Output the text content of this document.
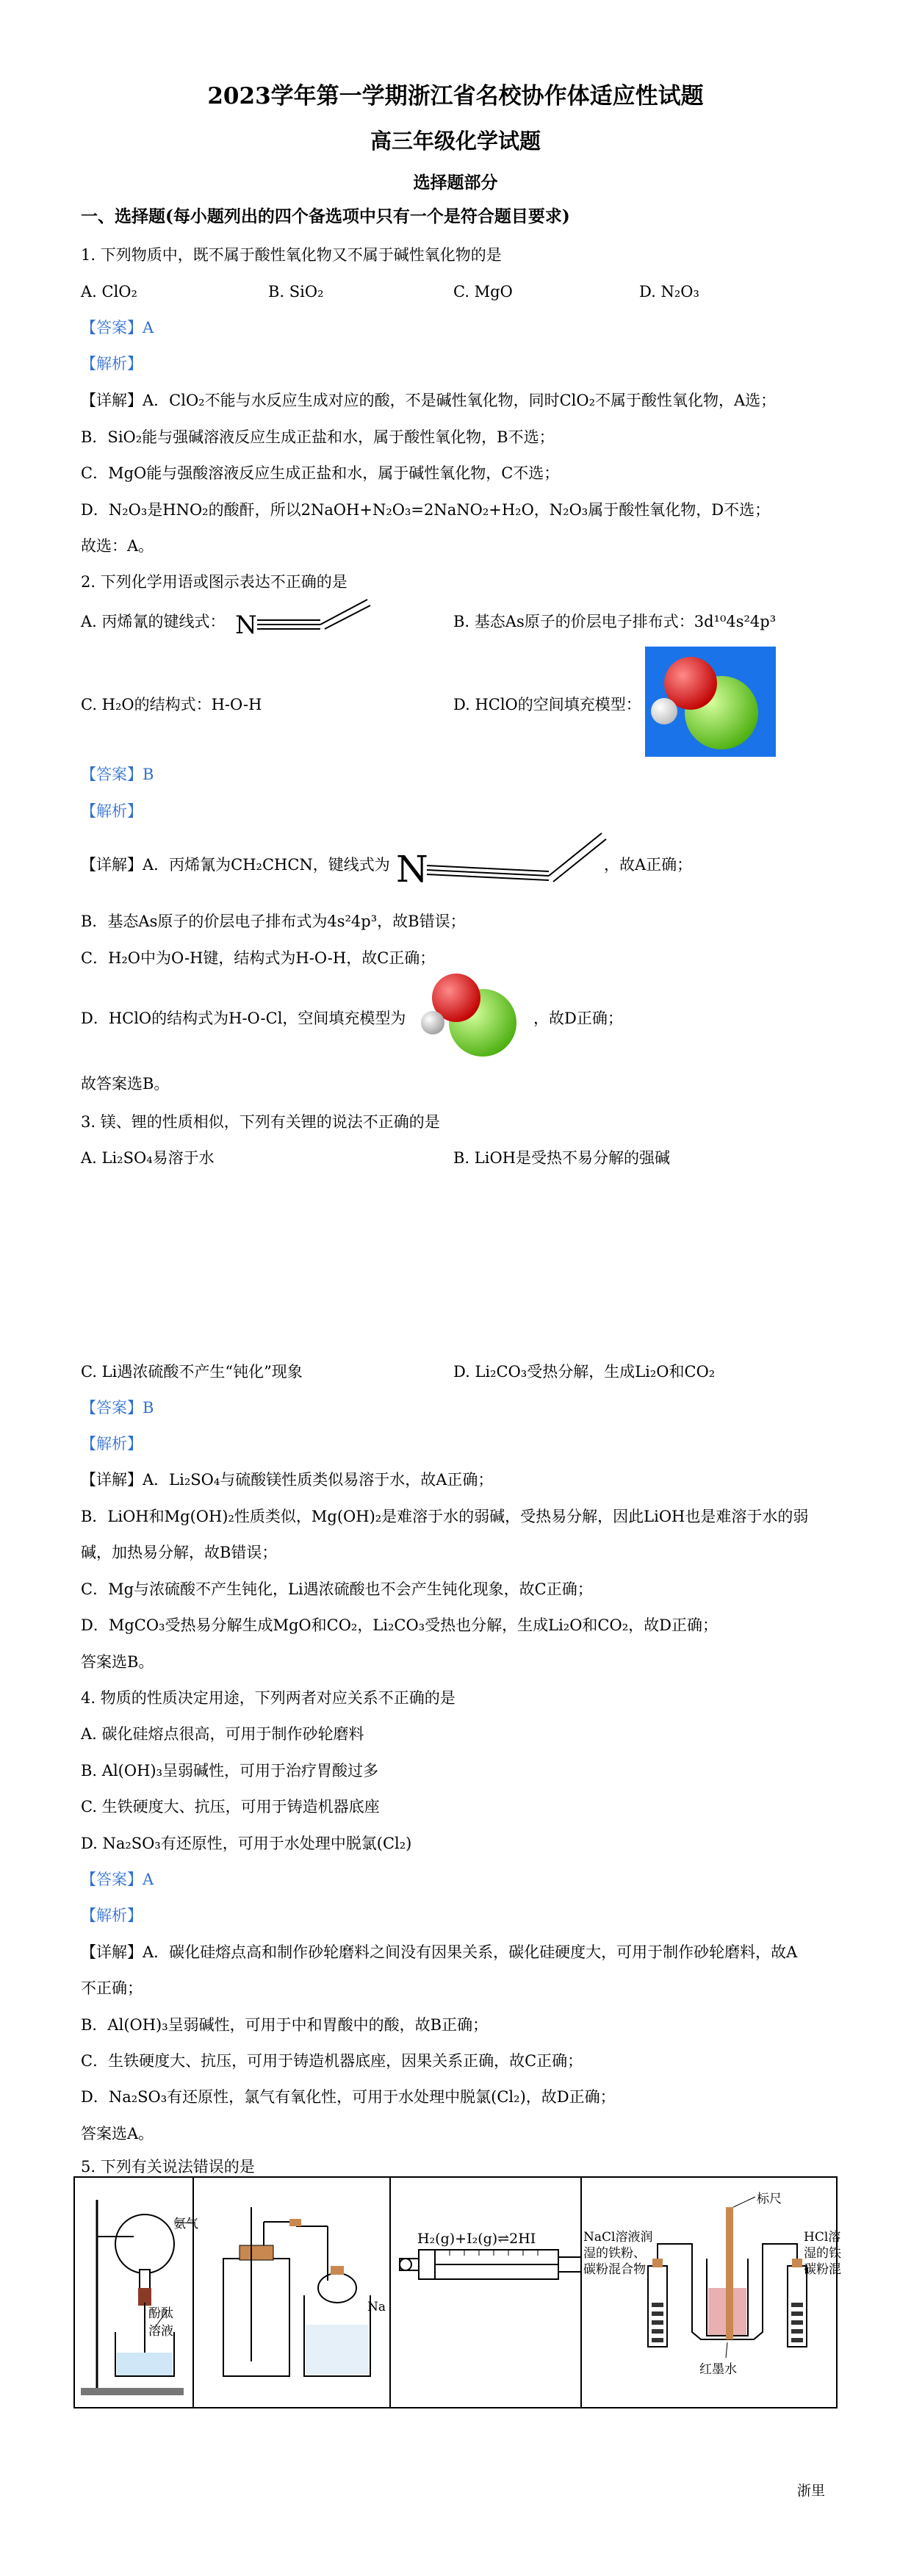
2023学年第一学期浙江省名校协作体适应性试题
高三年级化学试题
选择题部分
一、选择题(每小题列出的四个备选项中只有一个是符合题目要求)
1. 下列物质中，既不属于酸性氧化物又不属于碱性氧化物的是
A. ClO₂	B. SiO₂	C. MgO	D. N₂O₃
【答案】A
【解析】
【详解】A．ClO₂不能与水反应生成对应的酸，不是碱性氧化物，同时ClO₂不属于酸性氧化物，A选；
B．SiO₂能与强碱溶液反应生成正盐和水，属于酸性氧化物，B不选；
C．MgO能与强酸溶液反应生成正盐和水，属于碱性氧化物，C不选；
D．N₂O₃是HNO₂的酸酐，所以2NaOH+N₂O₃=2NaNO₂+H₂O，N₂O₃属于酸性氧化物，D不选；
故选：A。
2. 下列化学用语或图示表达不正确的是
A. 丙烯氰的键线式： N	B. 基态As原子的价层电子排布式：3d¹⁰4s²4p³
C. H₂O的结构式：H-O-H	D. HClO的空间填充模型：
【答案】B
【解析】
【详解】A．丙烯氰为CH₂CHCN，键线式为 N	，故A正确；
B．基态As原子的价层电子排布式为4s²4p³，故B错误；
C．H₂O中为O-H键，结构式为H-O-H，故C正确；
D．HClO的结构式为H-O-Cl，空间填充模型为	，故D正确；
故答案选B。
3. 镁、锂的性质相似，下列有关锂的说法不正确的是
A. Li₂SO₄易溶于水	B. LiOH是受热不易分解的强碱
C. Li遇浓硫酸不产生“钝化”现象	D. Li₂CO₃受热分解，生成Li₂O和CO₂
【答案】B
【解析】
【详解】A．Li₂SO₄与硫酸镁性质类似易溶于水，故A正确；
B．LiOH和Mg(OH)₂性质类似，Mg(OH)₂是难溶于水的弱碱，受热易分解，因此LiOH也是难溶于水的弱
碱，加热易分解，故B错误；
C．Mg与浓硫酸不产生钝化，Li遇浓硫酸也不会产生钝化现象，故C正确；
D．MgCO₃受热易分解生成MgO和CO₂，Li₂CO₃受热也分解，生成Li₂O和CO₂，故D正确；
答案选B。
4. 物质的性质决定用途，下列两者对应关系不正确的是
A. 碳化硅熔点很高，可用于制作砂轮磨料
B. Al(OH)₃呈弱碱性，可用于治疗胃酸过多
C. 生铁硬度大、抗压，可用于铸造机器底座
D. Na₂SO₃有还原性，可用于水处理中脱氯(Cl₂)
【答案】A
【解析】
【详解】A．碳化硅熔点高和制作砂轮磨料之间没有因果关系，碳化硅硬度大，可用于制作砂轮磨料，故A
不正确；
B．Al(OH)₃呈弱碱性，可用于中和胃酸中的酸，故B正确；
C．生铁硬度大、抗压，可用于铸造机器底座，因果关系正确，故C正确；
D．Na₂SO₃有还原性，氯气有氧化性，可用于水处理中脱氯(Cl₂)，故D正确；
答案选A。
5. 下列有关说法错误的是
氨气
酚酞
溶液
Na
H₂(g)+I₂(g)⇌2HI
标尺
NaCl溶液润
湿的铁粉、
碳粉混合物
HCl溶
湿的铁
碳粉混
红墨水
浙里
